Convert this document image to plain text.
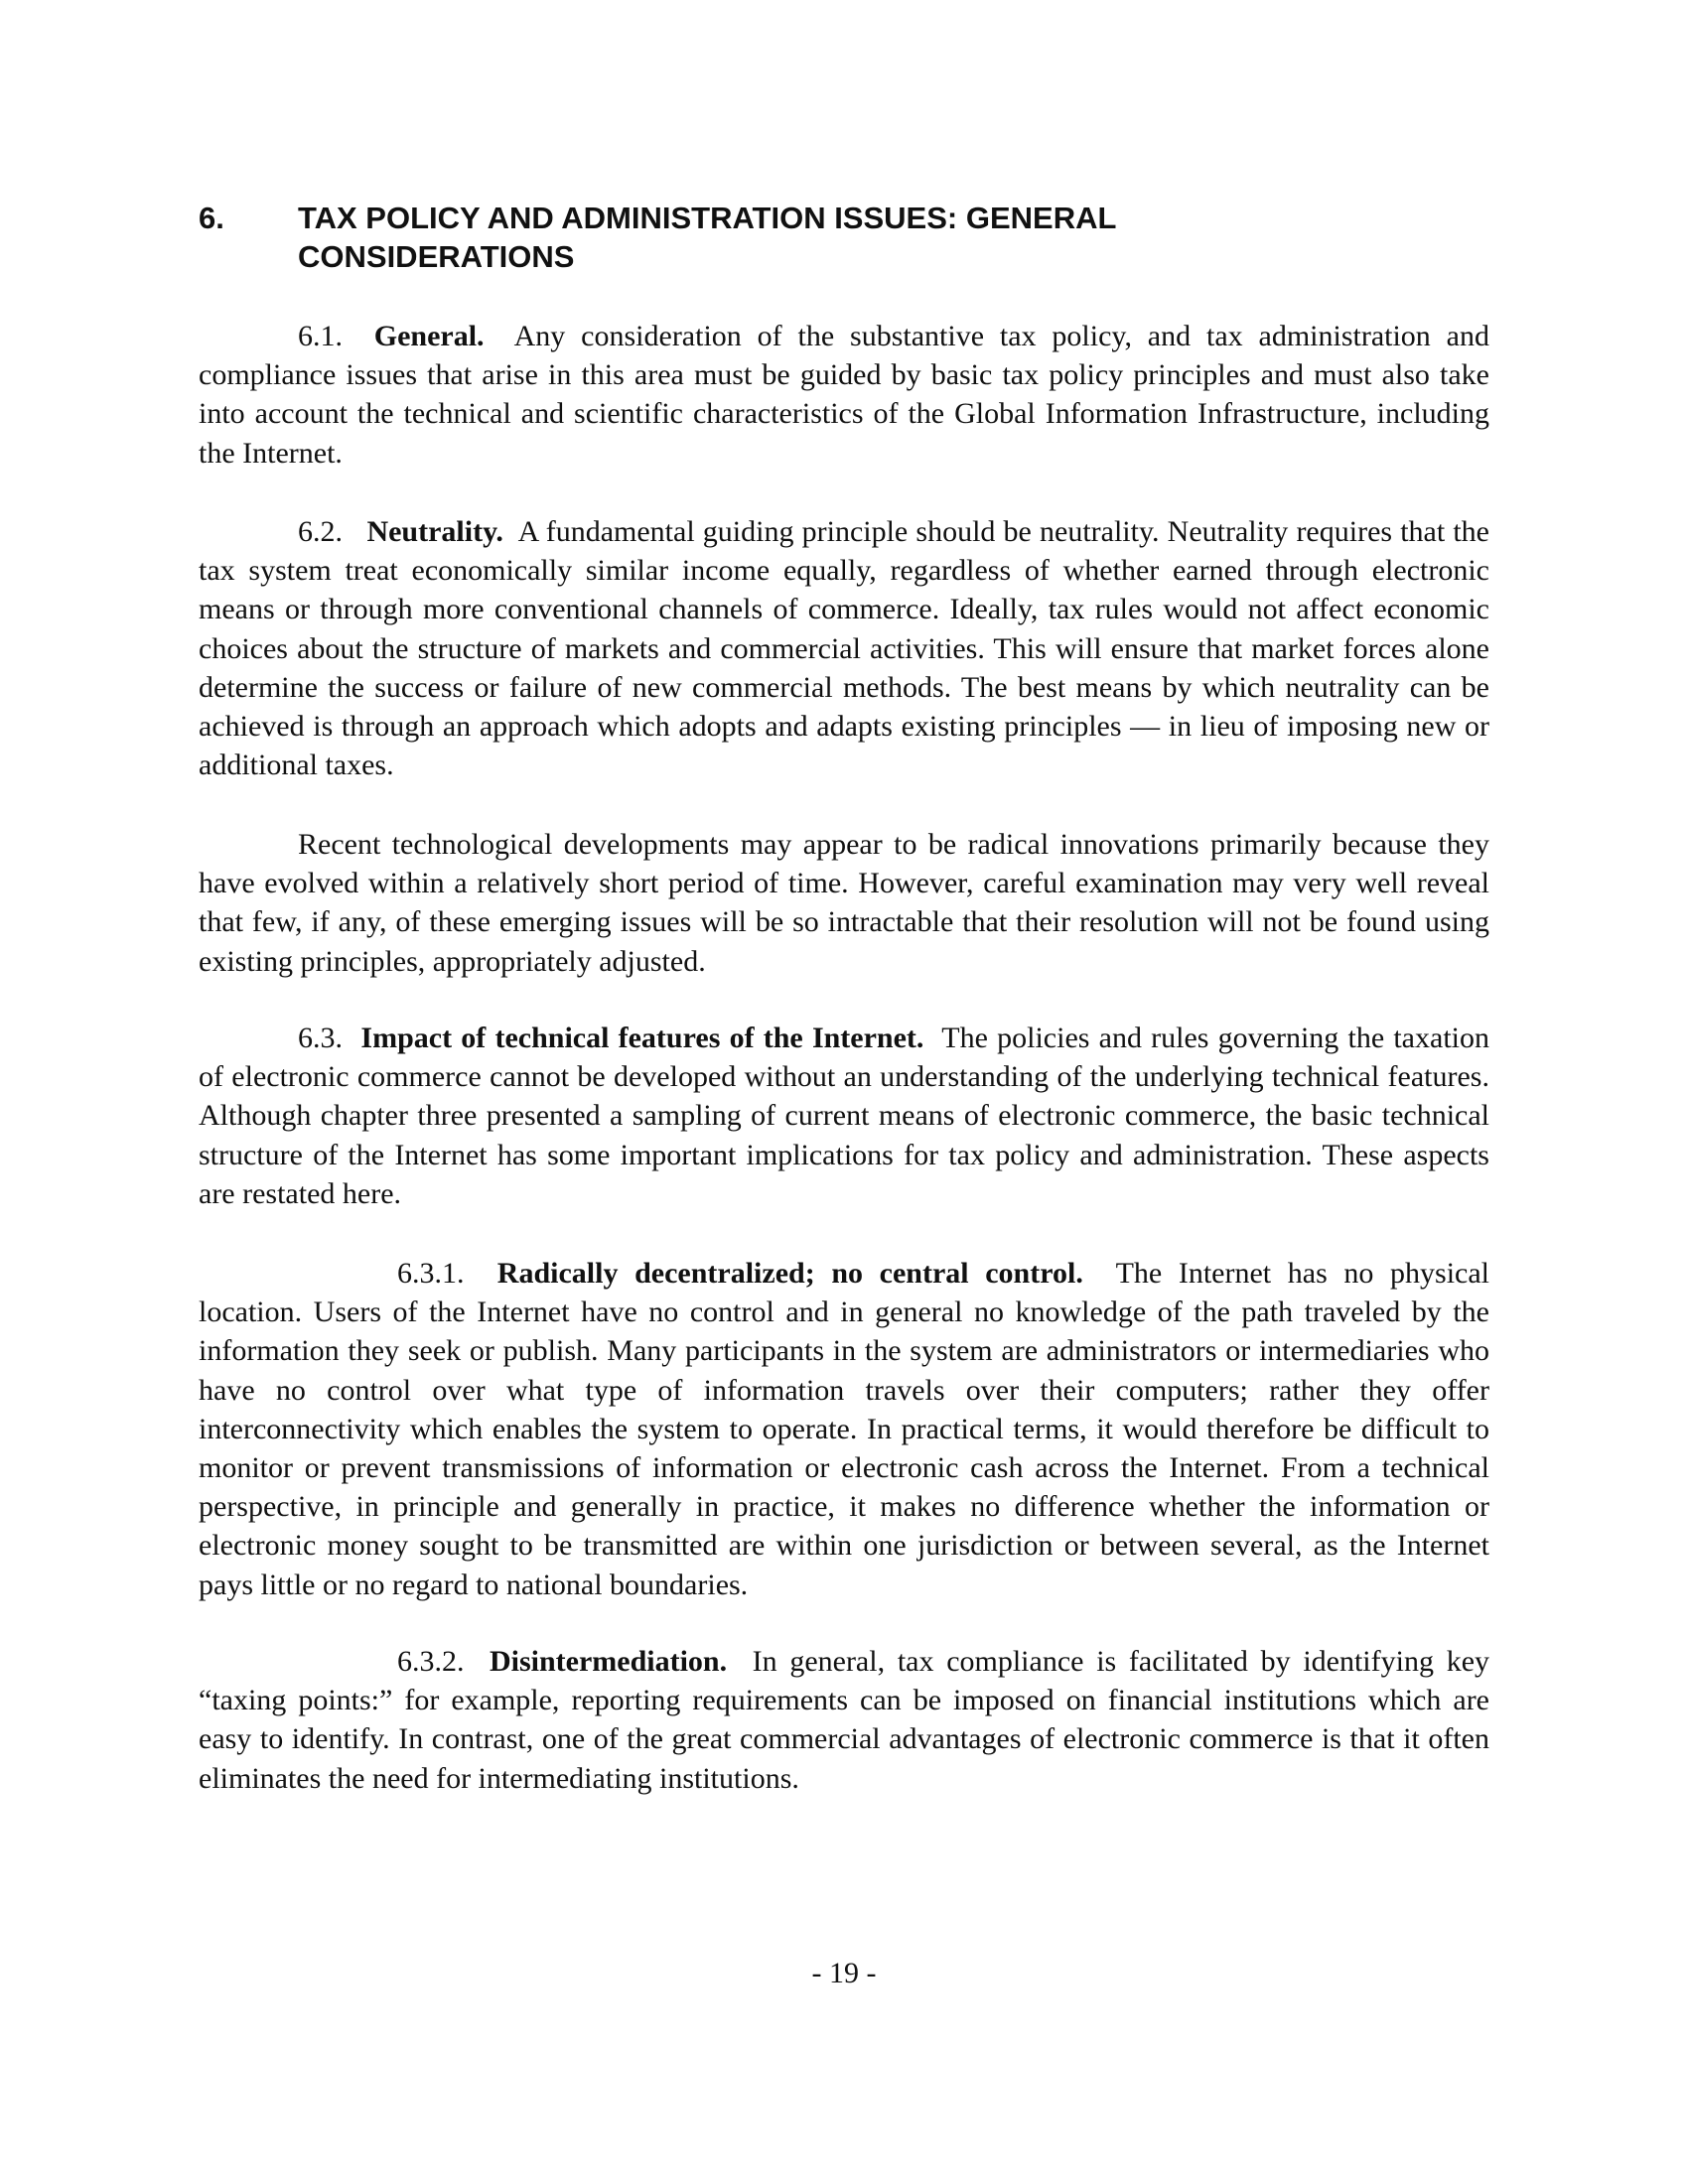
6. TAX POLICY AND ADMINISTRATION ISSUES: GENERAL CONSIDERATIONS

6.1. General. Any consideration of the substantive tax policy, and tax administration and compliance issues that arise in this area must be guided by basic tax policy principles and must also take into account the technical and scientific characteristics of the Global Information Infrastructure, including the Internet.

6.2. Neutrality. A fundamental guiding principle should be neutrality. Neutrality requires that the tax system treat economically similar income equally, regardless of whether earned through electronic means or through more conventional channels of commerce. Ideally, tax rules would not affect economic choices about the structure of markets and commercial activities. This will ensure that market forces alone determine the success or failure of new commercial methods. The best means by which neutrality can be achieved is through an approach which adopts and adapts existing principles — in lieu of imposing new or additional taxes.

Recent technological developments may appear to be radical innovations primarily because they have evolved within a relatively short period of time. However, careful examination may very well reveal that few, if any, of these emerging issues will be so intractable that their resolution will not be found using existing principles, appropriately adjusted.

6.3. Impact of technical features of the Internet. The policies and rules governing the taxation of electronic commerce cannot be developed without an understanding of the underlying technical features. Although chapter three presented a sampling of current means of electronic commerce, the basic technical structure of the Internet has some important implications for tax policy and administration. These aspects are restated here.

6.3.1. Radically decentralized; no central control. The Internet has no physical location. Users of the Internet have no control and in general no knowledge of the path traveled by the information they seek or publish. Many participants in the system are administrators or intermediaries who have no control over what type of information travels over their computers; rather they offer interconnectivity which enables the system to operate. In practical terms, it would therefore be difficult to monitor or prevent transmissions of information or electronic cash across the Internet. From a technical perspective, in principle and generally in practice, it makes no difference whether the information or electronic money sought to be transmitted are within one jurisdiction or between several, as the Internet pays little or no regard to national boundaries.

6.3.2. Disintermediation. In general, tax compliance is facilitated by identifying key “taxing points:” for example, reporting requirements can be imposed on financial institutions which are easy to identify. In contrast, one of the great commercial advantages of electronic commerce is that it often eliminates the need for intermediating institutions.

- 19 -
